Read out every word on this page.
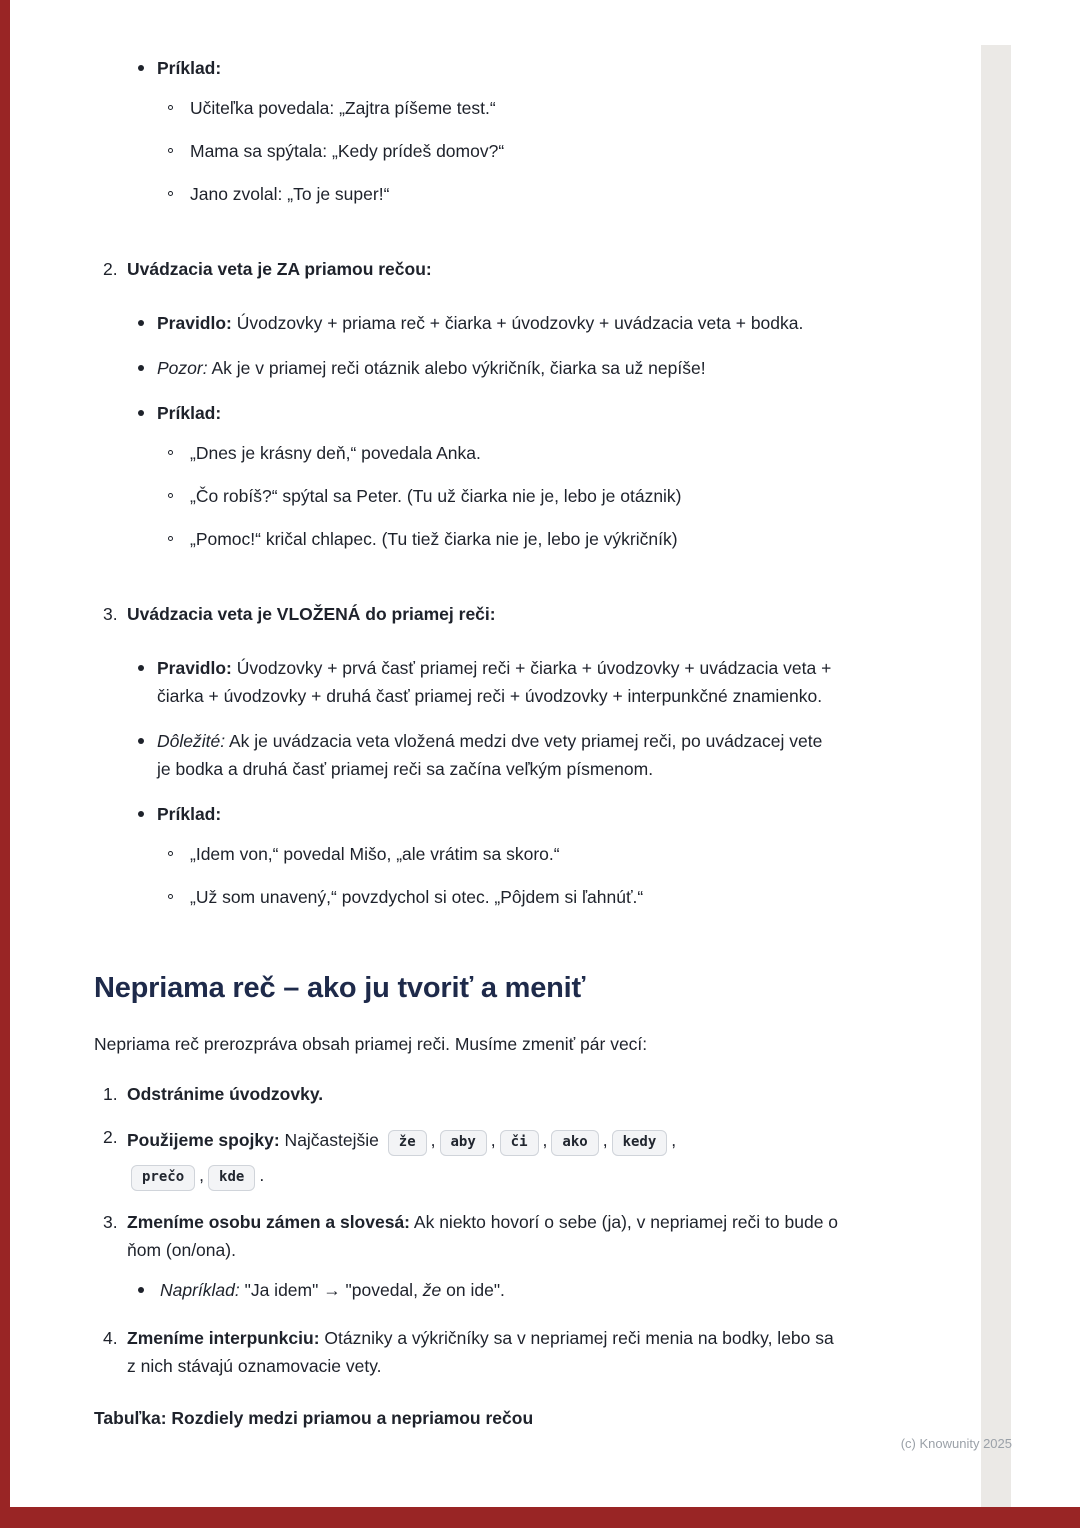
Príklad:
Učiteľka povedala: „Zajtra píšeme test.“
Mama sa spýtala: „Kedy prídeš domov?“
Jano zvolal: „To je super!“
2. Uvádzacia veta je ZA priamou rečou:
Pravidlo: Úvodzovky + priama reč + čiarka + úvodzovky + uvádzacia veta + bodka.
Pozor: Ak je v priamej reči otáznik alebo výkričník, čiarka sa už nepíše!
Príklad:
„Dnes je krásny deň,“ povedala Anka.
„Čo robíš?“ spýtal sa Peter. (Tu už čiarka nie je, lebo je otáznik)
„Pomoc!“ kričal chlapec. (Tu tiež čiarka nie je, lebo je výkričník)
3. Uvádzacia veta je VLOŽENÁ do priamej reči:
Pravidlo: Úvodzovky + prvá časť priamej reči + čiarka + úvodzovky + uvádzacia veta + čiarka + úvodzovky + druhá časť priamej reči + úvodzovky + interpunkčné znamienko.
Dôležité: Ak je uvádzacia veta vložená medzi dve vety priamej reči, po uvádzacej vete je bodka a druhá časť priamej reči sa začína veľkým písmenom.
Príklad:
„Idem von,“ povedal Mišo, „ale vrátim sa skoro.“
„Už som unavený,“ povzdychol si otec. „Pôjdem si ľahnúť.“
Nepriama reč – ako ju tvoriť a meniť

Nepriama reč prerozpráva obsah priamej reči. Musíme zmeniť pár vecí:

1. Odstránime úvodzovky.
2. Použijeme spojky: Najčastejšie že , aby , či , ako , kedy ,
prečo , kde .
3. Zmeníme osobu zámen a slovesá: Ak niekto hovorí o sebe (ja), v nepriamej reči to bude o ňom (on/ona).
Napríklad: "Ja idem" → "povedal, že on ide".
4. Zmeníme interpunkciu: Otázniky a výkričníky sa v nepriamej reči menia na bodky, lebo sa z nich stávajú oznamovacie vety.
Tabuľka: Rozdiely medzi priamou a nepriamou rečou
(c) Knowunity 2025
